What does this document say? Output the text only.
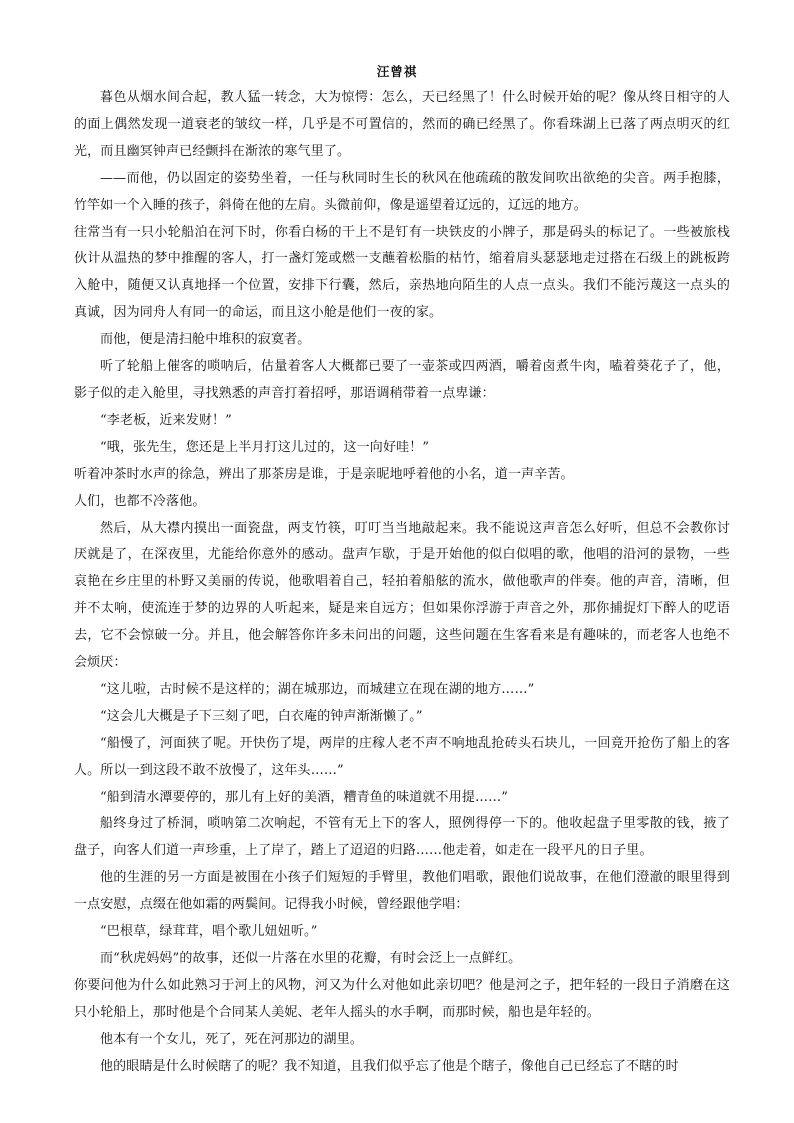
汪曾祺

暮色从烟水间合起，教人猛一转念，大为惊愕：怎么，天已经黑了！什么时候开始的呢？像从终日相守的人的面上偶然发现一道衰老的皱纹一样，几乎是不可置信的，然而的确已经黑了。你看珠湖上已落了两点明灭的红光，而且幽冥钟声已经颤抖在渐浓的寒气里了。

——而他，仍以固定的姿势坐着，一任与秋同时生长的秋风在他疏疏的散发间吹出欲绝的尖音。两手抱膝，竹竿如一个入睡的孩子，斜倚在他的左肩。头微前仰，像是遥望着辽远的，辽远的地方。

往常当有一只小轮船泊在河下时，你看白杨的干上不是钉有一块铁皮的小牌子，那是码头的标记了。一些被旅栈伙计从温热的梦中推醒的客人，打一盏灯笼或燃一支蘸着松脂的枯竹，缩着肩头瑟瑟地走过搭在石级上的跳板跨入舱中，随便又认真地择一个位置，安排下行囊，然后，亲热地向陌生的人点一点头。我们不能污蔑这一点头的真诚，因为同舟人有同一的命运，而且这小舱是他们一夜的家。

而他，便是清扫舱中堆积的寂寞者。

听了轮船上催客的唢呐后，估量着客人大概都已要了一壶茶或四两酒，嚼着卤煮牛肉，嗑着葵花子了，他，影子似的走入舱里，寻找熟悉的声音打着招呼，那语调稍带着一点卑谦：

“李老板，近来发财！”

“哦，张先生，您还是上半月打这儿过的，这一向好哇！”

听着冲茶时水声的徐急，辨出了那茶房是谁，于是亲昵地呼着他的小名，道一声辛苦。

人们，也都不冷落他。

然后，从大襟内摸出一面瓷盘，两支竹筷，叮叮当当地敲起来。我不能说这声音怎么好听，但总不会教你讨厌就是了，在深夜里，尤能给你意外的感动。盘声乍歇，于是开始他的似白似唱的歌，他唱的沿河的景物，一些哀艳在乡庄里的朴野又美丽的传说，他歌唱着自己，轻拍着船舷的流水，做他歌声的伴奏。他的声音，清晰，但并不太响，使流连于梦的边界的人听起来，疑是来自远方；但如果你浮游于声音之外，那你捕捉灯下醉人的呓语去，它不会惊破一分。并且，他会解答你许多未问出的问题，这些问题在生客看来是有趣味的，而老客人也绝不会烦厌：

“这儿啦，古时候不是这样的；湖在城那边，而城建立在现在湖的地方……”

“这会儿大概是子下三刻了吧，白衣庵的钟声渐渐懒了。”

“船慢了，河面狭了呢。开快伤了堤，两岸的庄稼人老不声不响地乱抢砖头石块儿，一回竟开抢伤了船上的客人。所以一到这段不敢不放慢了，这年头……”

“船到清水潭要停的，那儿有上好的美酒，糟青鱼的味道就不用提……”

船终身过了桥洞，唢呐第二次响起，不管有无上下的客人，照例得停一下的。他收起盘子里零散的钱，掖了盘子，向客人们道一声珍重，上了岸了，踏上了迢迢的归路……他走着，如走在一段平凡的日子里。

他的生涯的另一方面是被围在小孩子们短短的手臂里，教他们唱歌，跟他们说故事，在他们澄澈的眼里得到一点安慰，点缀在他如霜的两鬓间。记得我小时候，曾经跟他学唱：

“巴根草，绿茸茸，唱个歌儿妞妞听。”

而“秋虎妈妈”的故事，还似一片落在水里的花瓣，有时会泛上一点鲜红。

你要问他为什么如此熟习于河上的风物，河又为什么对他如此亲切吧？他是河之子，把年轻的一段日子消磨在这只小轮船上，那时他是个合同某人美妮、老年人摇头的水手啊，而那时候，船也是年轻的。

他本有一个女儿，死了，死在河那边的湖里。

他的眼睛是什么时候瞎了的呢？我不知道，且我们似乎忘了他是个瞎子，像他自己已经忘了不瞎的时
